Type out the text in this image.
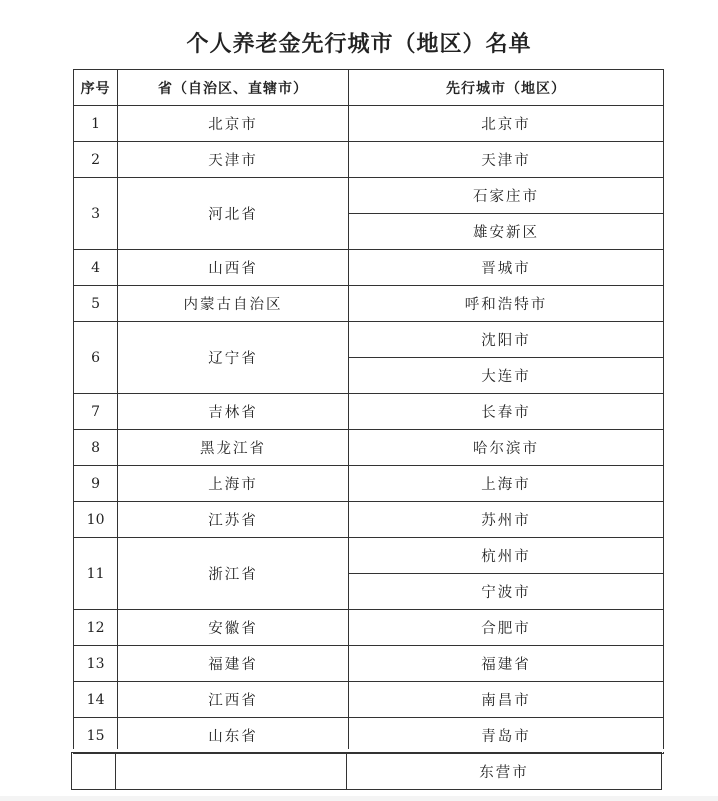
个人养老金先行城市（地区）名单
序号	省（自治区、直辖市）	先行城市（地区）
1	北京市	北京市
2	天津市	天津市
3	河北省	石家庄市
		雄安新区
4	山西省	晋城市
5	内蒙古自治区	呼和浩特市
6	辽宁省	沈阳市
		大连市
7	吉林省	长春市
8	黑龙江省	哈尔滨市
9	上海市	上海市
10	江苏省	苏州市
11	浙江省	杭州市
		宁波市
12	安徽省	合肥市
13	福建省	福建省
14	江西省	南昌市
15	山东省	青岛市
		东营市
